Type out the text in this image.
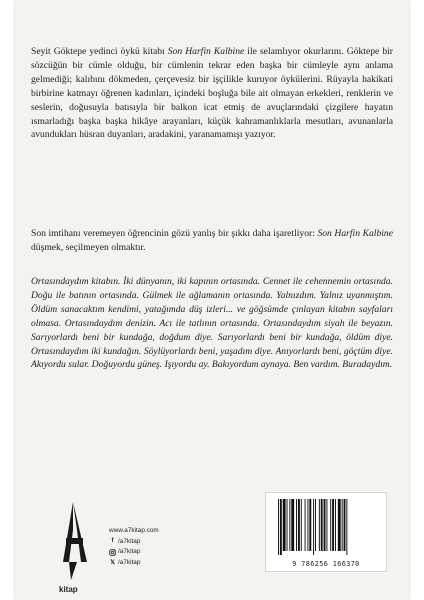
Seyit Göktepe yedinci öykü kitabı Son Harfin Kalbine ile selamlıyor okurlarını. Göktepe bir sözcüğün bir cümle olduğu, bir cümlenin tekrar eden başka bir cümleyle aynı anlama gelmediği; kalıbını dökmeden, çerçevesiz bir işçilikle kuruyor öykülerini. Rüyayla hakikati birbirine katmayı öğrenen kadınları, içindeki boşluğa bile ait olmayan erkekleri, renklerin ve seslerin, doğusuyla batısıyla bir balkon icat etmiş de avuçlarındaki çizgilere hayatın ısmarladığı başka başka hikâye arayanları, küçük kahramanlıklarla mesutları, avunanlarla avundukları hüsran duyanları, aradakini, yaranamamışı yazıyor.

Son imtihanı veremeyen öğrencinin gözü yanlış bir şıkkı daha işaretliyor: Son Harfin Kalbine düşmek, seçilmeyen olmaktır.

Ortasındaydım kitabın. İki dünyanın, iki kapının ortasında. Cennet ile cehennemin ortasında. Doğu ile batının ortasında. Gülmek ile ağlamanın ortasında. Yalnızdım. Yalnız uyanmıştım. Öldüm sanacaktım kendimi, yatağımda düş izleri... ve göğsümde çınlayan kitabın sayfaları olmasa. Ortasındaydım denizin. Acı ile tatlının ortasında. Ortasındaydım siyah ile beyazın. Sarıyorlardı beni bir kundağa, doğdum diye. Sarıyorlardı beni bir kundağa, öldüm diye. Ortasındaydım iki kundağın. Söylüyorlardı beni, yaşadım diye. Anıyorlardı beni, göçtüm diye. Akıyordu sular. Doğuyordu güneş. Işıyordu ay. Bakıyordum aynaya. Ben vardım. Buradaydım.

kitap
www.a7kitap.com
f /a7kitap
/a7kitap
𝕏 /a7kitap	9 786256 166370
